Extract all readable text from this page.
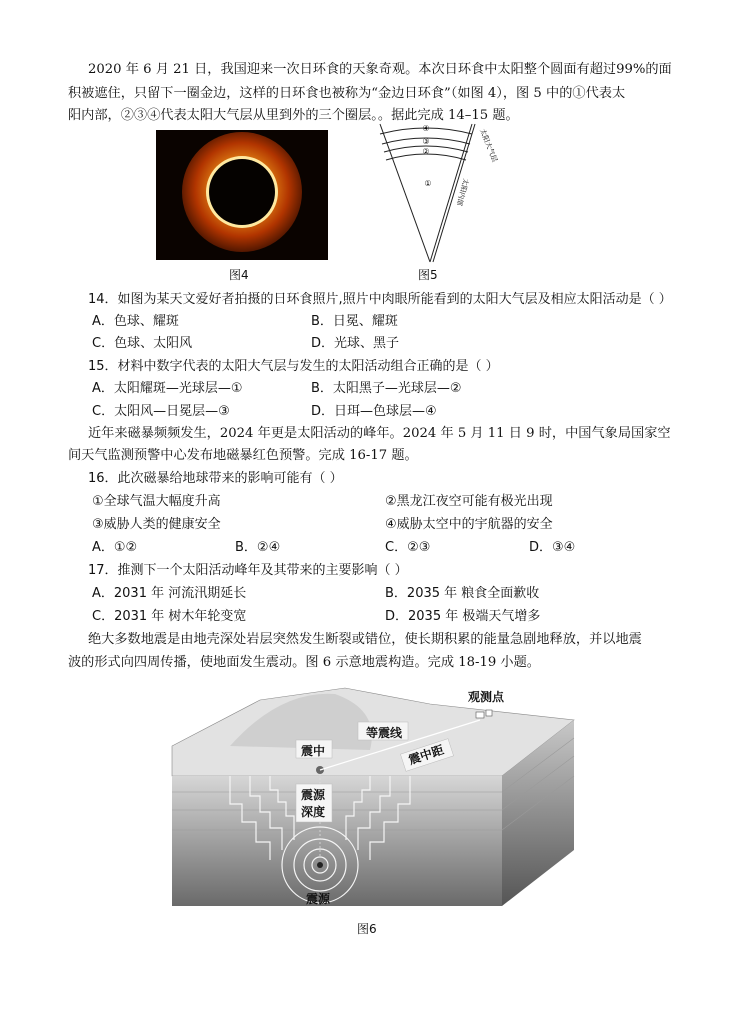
2020 年 6 月 21 日，我国迎来一次日环食的天象奇观。本次日环食中太阳整个圆面有超过99%的面
积被遮住，只留下一圈金边，这样的日环食也被称为“金边日环食”（如图 4），图 5 中的①代表太
阳内部，②③④代表太阳大气层从里到外的三个圈层。。据此完成 14–15 题。
图4
④
③
②
①
太阳大气层
太阳内部
图5
14．如图为某天文爱好者拍摄的日环食照片,照片中肉眼所能看到的太阳大气层及相应太阳活动是（ ）
A．色球、耀斑	B．日冕、耀斑
C．色球、太阳风	D．光球、黑子
15．材料中数字代表的太阳大气层与发生的太阳活动组合正确的是（ ）
A．太阳耀斑—光球层—①	B．太阳黑子—光球层—②
C．太阳风—日冕层—③	D．日珥—色球层—④
近年来磁暴频频发生，2024 年更是太阳活动的峰年。2024 年 5 月 11 日 9 时，中国气象局国家空
间天气监测预警中心发布地磁暴红色预警。完成 16-17 题。
16．此次磁暴给地球带来的影响可能有（ ）
①全球气温大幅度升高	②黑龙江夜空可能有极光出现
③威胁人类的健康安全	④威胁太空中的宇航器的安全
A．①②	B．②④	C．②③	D．③④
17．推测下一个太阳活动峰年及其带来的主要影响（ ）
A．2031 年 河流汛期延长	B．2035 年 粮食全面歉收
C．2031 年 树木年轮变宽	D．2035 年 极端天气增多
绝大多数地震是由地壳深处岩层突然发生断裂或错位，使长期积累的能量急剧地释放，并以地震
波的形式向四周传播，使地面发生震动。图 6 示意地震构造。完成 18-19 小题。
观测点
等震线
震中	震中距
震源
深度
震源
图6
